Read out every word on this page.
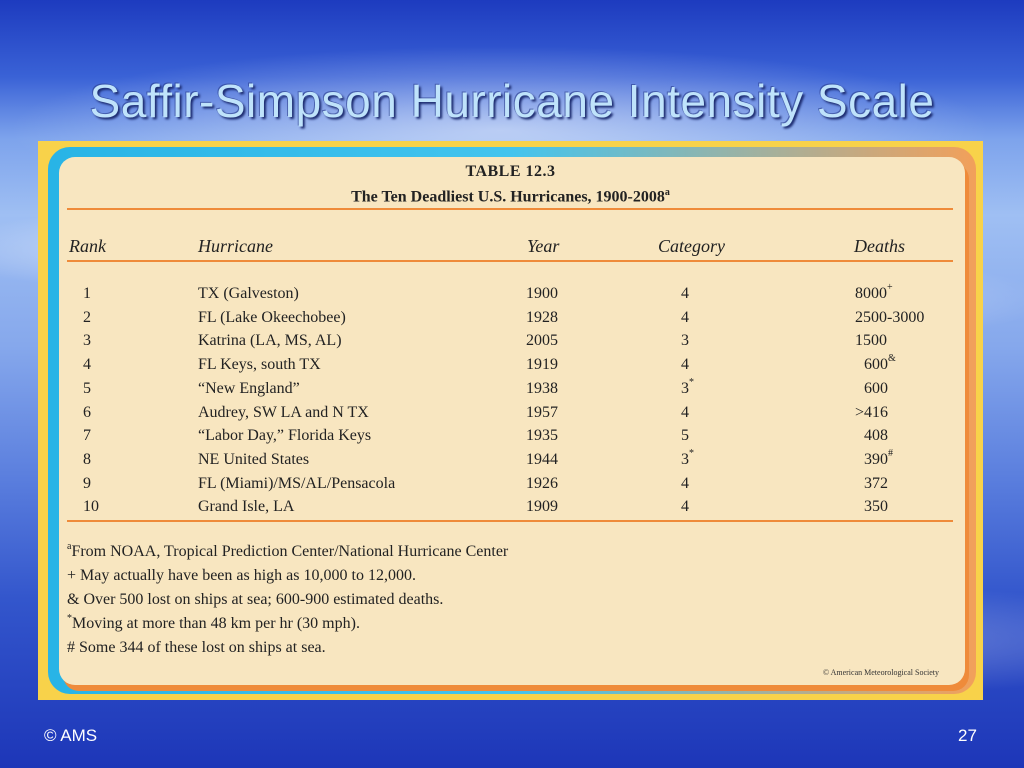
Saffir-Simpson Hurricane Intensity Scale
TABLE 12.3
The Ten Deadliest U.S. Hurricanes, 1900-2008$^a$
Rank	Hurricane	Year	Category	Deaths
1	TX (Galveston)	1900	4	8000+
2	FL (Lake Okeechobee)	1928	4	2500-3000
3	Katrina (LA, MS, AL)	2005	3	1500
4	FL Keys, south TX	1919	4	600&
5	“New England”	1938	3*	600
6	Audrey, SW LA and N TX	1957	4	>416
7	“Labor Day,” Florida Keys	1935	5	408
8	NE United States	1944	3*	390#
9	FL (Miami)/MS/AL/Pensacola	1926	4	372
10	Grand Isle, LA	1909	4	350
$^a$From NOAA, Tropical Prediction Center/National Hurricane Center
+ May actually have been as high as 10,000 to 12,000.
& Over 500 lost on ships at sea; 600-900 estimated deaths.
*Moving at more than 48 km per hr (30 mph).
# Some 344 of these lost on ships at sea.
© American Meteorological Society
© AMS	27
